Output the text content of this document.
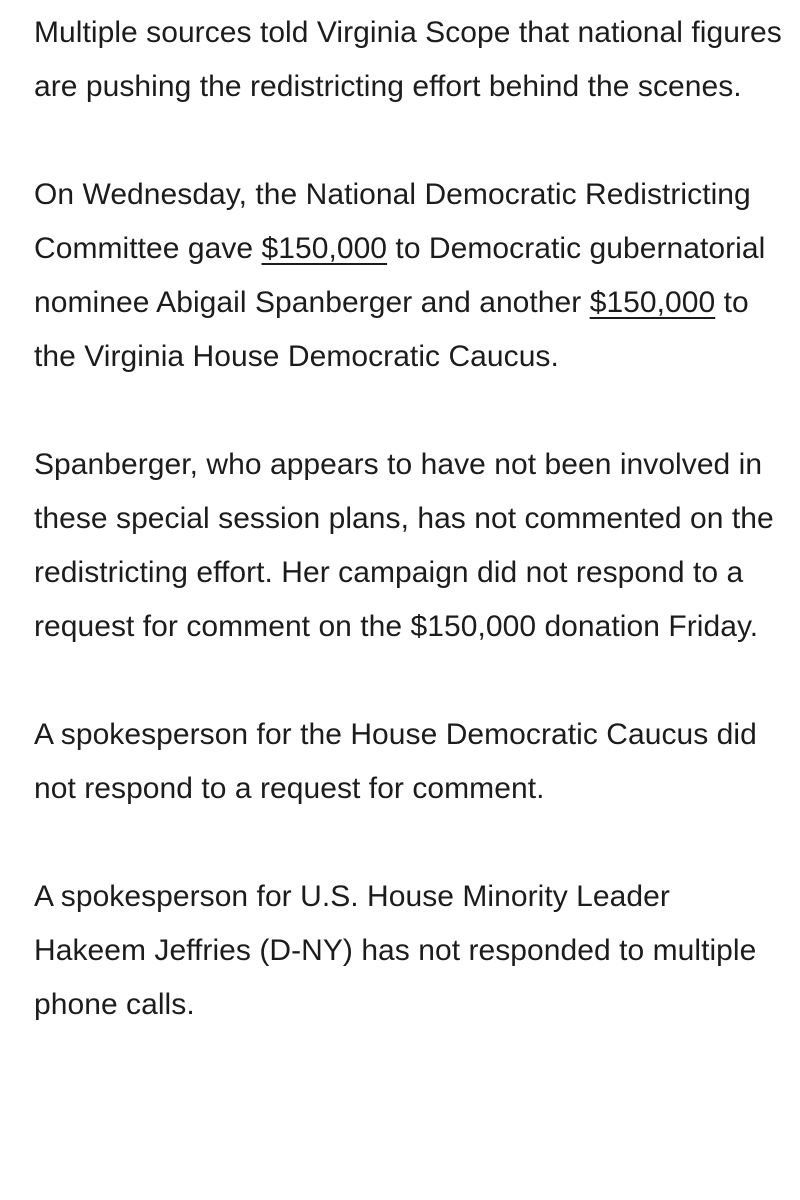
Multiple sources told Virginia Scope that national figures are pushing the redistricting effort behind the scenes.

On Wednesday, the National Democratic Redistricting Committee gave $150,000 to Democratic gubernatorial nominee Abigail Spanberger and another $150,000 to the Virginia House Democratic Caucus.

Spanberger, who appears to have not been involved in these special session plans, has not commented on the redistricting effort. Her campaign did not respond to a request for comment on the $150,000 donation Friday.

A spokesperson for the House Democratic Caucus did not respond to a request for comment.

A spokesperson for U.S. House Minority Leader Hakeem Jeffries (D-NY) has not responded to multiple phone calls.
